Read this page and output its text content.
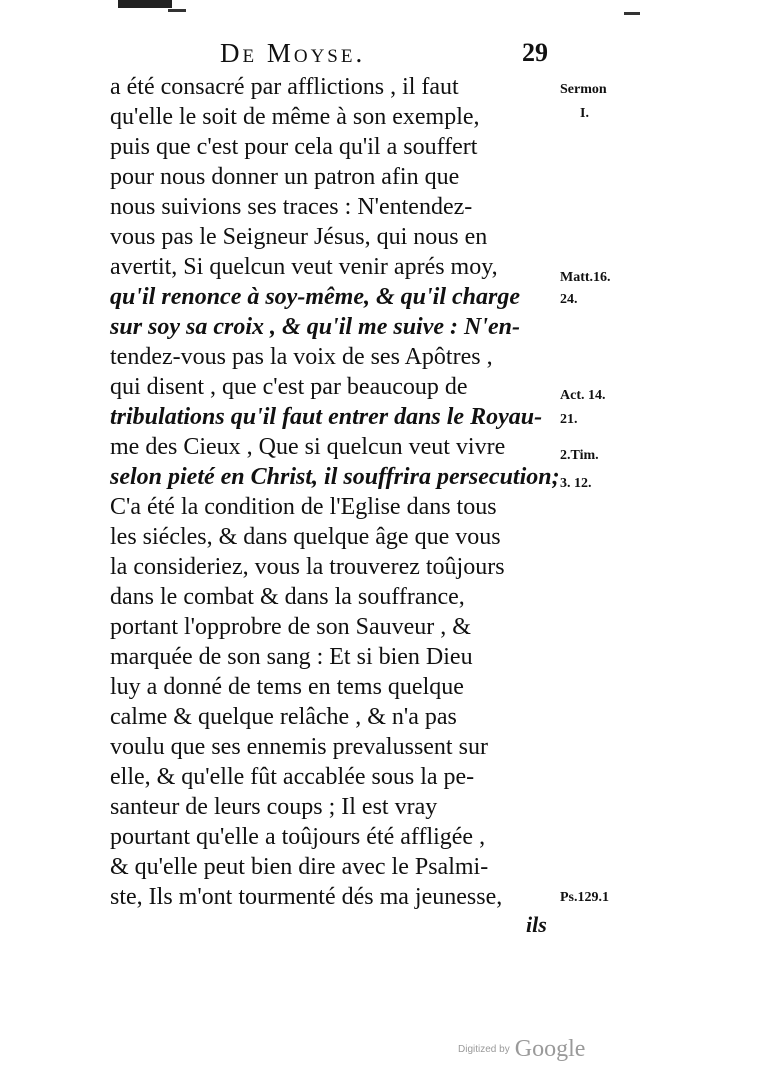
De Moyse.	29
a été consacré par afflictions , il faut
qu'elle le soit de même à son exemple,
puis que c'est pour cela qu'il a souffert
pour nous donner un patron afin que
nous suivions ses traces : N'entendez-
vous pas le Seigneur Jésus, qui nous en
avertit, Si quelcun veut venir aprés moy,
qu'il renonce à soy-même, & qu'il charge
sur soy sa croix , & qu'il me suive : N'en-
tendez-vous pas la voix de ses Apôtres ,
qui disent , que c'est par beaucoup de
tribulations qu'il faut entrer dans le Royau-
me des Cieux , Que si quelcun veut vivre
selon pieté en Christ, il souffrira persecution;
C'a été la condition de l'Eglise dans tous
les siécles, & dans quelque âge que vous
la consideriez, vous la trouverez toûjours
dans le combat & dans la souffrance,
portant l'opprobre de son Sauveur , &
marquée de son sang : Et si bien Dieu
luy a donné de tems en tems quelque
calme & quelque relâche , & n'a pas
voulu que ses ennemis prevalussent sur
elle, & qu'elle fût accablée sous la pe-
santeur de leurs coups ; Il est vray
pourtant qu'elle a toûjours été affligée ,
& qu'elle peut bien dire avec le Psalmi-
ste, Ils m'ont tourmenté dés ma jeunesse,
Sermon
I.
Matt.16.
24.
Act. 14.
21.
2.Tim.
3. 12.
Ps.129.1
ils
Digitized by Google
